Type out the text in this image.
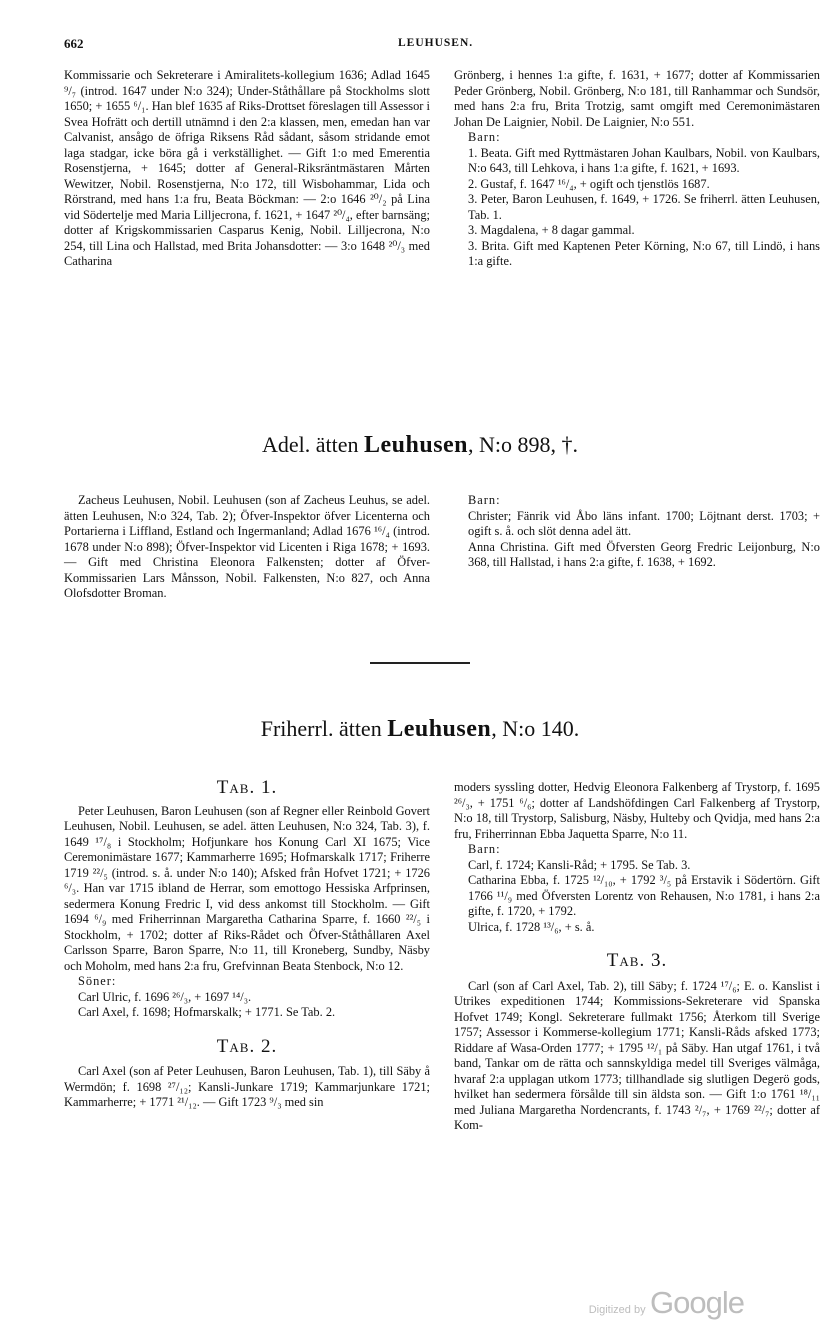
662	LEUHUSEN.

Kommissarie och Sekreterare i Amiralitets-kollegium 1636; Adlad 1645 ⁹/₇ (introd. 1647 under N:o 324); Under-Ståthållare på Stockholms slott 1650; + 1655 ⁶/₁. Han blef 1635 af Riks-Drottset föreslagen till Assessor i Svea Hofrätt och dertill utnämnd i den 2:a klassen, men, emedan han var Calvanist, ansågo de öfriga Riksens Råd sådant, såsom stridande emot laga stadgar, icke böra gå i verkställighet. — Gift 1:o med Emerentia Rosenstjerna, + 1645; dotter af General-Riksräntmästaren Mårten Wewitzer, Nobil. Rosenstjerna, N:o 172, till Wisbohammar, Lida och Rörstrand, med hans 1:a fru, Beata Böckman: — 2:o 1646 ²⁰/₂ på Lina vid Södertelje med Maria Lilljecrona, f. 1621, + 1647 ²⁰/₄, efter barnsäng; dotter af Krigskommissarien Casparus Kenig, Nobil. Lilljecrona, N:o 254, till Lina och Hallstad, med Brita Johansdotter: — 3:o 1648 ²⁰/₃ med Catharina

Grönberg, i hennes 1:a gifte, f. 1631, + 1677; dotter af Kommissarien Peder Grönberg, Nobil. Grönberg, N:o 181, till Ranhammar och Sundsör, med hans 2:a fru, Brita Trotzig, samt omgift med Ceremonimästaren Johan De Laignier, Nobil. De Laignier, N:o 551.

Barn:

1. Beata. Gift med Ryttmästaren Johan Kaulbars, Nobil. von Kaulbars, N:o 643, till Lehkova, i hans 1:a gifte, f. 1621, + 1693.

2. Gustaf, f. 1647 ¹⁶/₄, + ogift och tjenstlös 1687.

3. Peter, Baron Leuhusen, f. 1649, + 1726. Se friherrl. ätten Leuhusen, Tab. 1.

3. Magdalena, + 8 dagar gammal.

3. Brita. Gift med Kaptenen Peter Körning, N:o 67, till Lindö, i hans 1:a gifte.

Adel. ätten Leuhusen, N:o 898, †.

Zacheus Leuhusen, Nobil. Leuhusen (son af Zacheus Leuhus, se adel. ätten Leuhusen, N:o 324, Tab. 2); Öfver-Inspektor öfver Licenterna och Portarierna i Liffland, Estland och Ingermanland; Adlad 1676 ¹⁶/₄ (introd. 1678 under N:o 898); Öfver-Inspektor vid Licenten i Riga 1678; + 1693. — Gift med Christina Eleonora Falkensten; dotter af Öfver-Kommissarien Lars Månsson, Nobil. Falkensten, N:o 827, och Anna Olofsdotter Broman.

Barn:

Christer; Fänrik vid Åbo läns infant. 1700; Löjtnant derst. 1703; + ogift s. å. och slöt denna adel ätt.

Anna Christina. Gift med Öfversten Georg Fredric Leijonburg, N:o 368, till Hallstad, i hans 2:a gifte, f. 1638, + 1692.

Friherrl. ätten Leuhusen, N:o 140.
Tab. 1.

Peter Leuhusen, Baron Leuhusen (son af Regner eller Reinbold Govert Leuhusen, Nobil. Leuhusen, se adel. ätten Leuhusen, N:o 324, Tab. 3), f. 1649 ¹⁷/₈ i Stockholm; Hofjunkare hos Konung Carl XI 1675; Vice Ceremonimästare 1677; Kammarherre 1695; Hofmarskalk 1717; Friherre 1719 ²²/₅ (introd. s. å. under N:o 140); Afsked från Hofvet 1721; + 1726 ⁶/₃. Han var 1715 ibland de Herrar, som emottogo Hessiska Arfprinsen, sedermera Konung Fredric I, vid dess ankomst till Stockholm. — Gift 1694 ⁶/₉ med Friherrinnan Margaretha Catharina Sparre, f. 1660 ²²/₅ i Stockholm, + 1702; dotter af Riks-Rådet och Öfver-Ståthållaren Axel Carlsson Sparre, Baron Sparre, N:o 11, till Kroneberg, Sundby, Näsby och Moholm, med hans 2:a fru, Grefvinnan Beata Stenbock, N:o 12.

Söner:

Carl Ulric, f. 1696 ²⁶/₃, + 1697 ¹⁴/₃.

Carl Axel, f. 1698; Hofmarskalk; + 1771. Se Tab. 2.

Tab. 2.

Carl Axel (son af Peter Leuhusen, Baron Leuhusen, Tab. 1), till Säby å Wermdön; f. 1698 ²⁷/₁₂; Kansli-Junkare 1719; Kammarjunkare 1721; Kammarherre; + 1771 ²¹/₁₂. — Gift 1723 ⁹/₃ med sin

moders syssling dotter, Hedvig Eleonora Falkenberg af Trystorp, f. 1695 ²⁶/₃, + 1751 ⁶/₆; dotter af Landshöfdingen Carl Falkenberg af Trystorp, N:o 18, till Trystorp, Salisburg, Näsby, Hulteby och Qvidja, med hans 2:a fru, Friherrinnan Ebba Jaquetta Sparre, N:o 11.

Barn:

Carl, f. 1724; Kansli-Råd; + 1795. Se Tab. 3.

Catharina Ebba, f. 1725 ¹²/₁₀, + 1792 ³/₅ på Erstavik i Södertörn. Gift 1766 ¹¹/₉ med Öfversten Lorentz von Rehausen, N:o 1781, i hans 2:a gifte, f. 1720, + 1792.

Ulrica, f. 1728 ¹³/₆, + s. å.

Tab. 3.

Carl (son af Carl Axel, Tab. 2), till Säby; f. 1724 ¹⁷/₆; E. o. Kanslist i Utrikes expeditionen 1744; Kommissions-Sekreterare vid Spanska Hofvet 1749; Kongl. Sekreterare fullmakt 1756; Återkom till Sverige 1757; Assessor i Kommerse-kollegium 1771; Kansli-Råds afsked 1773; Riddare af Wasa-Orden 1777; + 1795 ¹²/₁ på Säby. Han utgaf 1761, i två band, Tankar om de rätta och sannskyldiga medel till Sveriges välmåga, hvaraf 2:a upplagan utkom 1773; tillhandlade sig slutligen Degerö gods, hvilket han sedermera försålde till sin äldsta son. — Gift 1:o 1761 ¹⁸/₁₁ med Juliana Margaretha Nordencrants, f. 1743 ²/₇, + 1769 ²²/₇; dotter af Kom-

Digitized by Google
